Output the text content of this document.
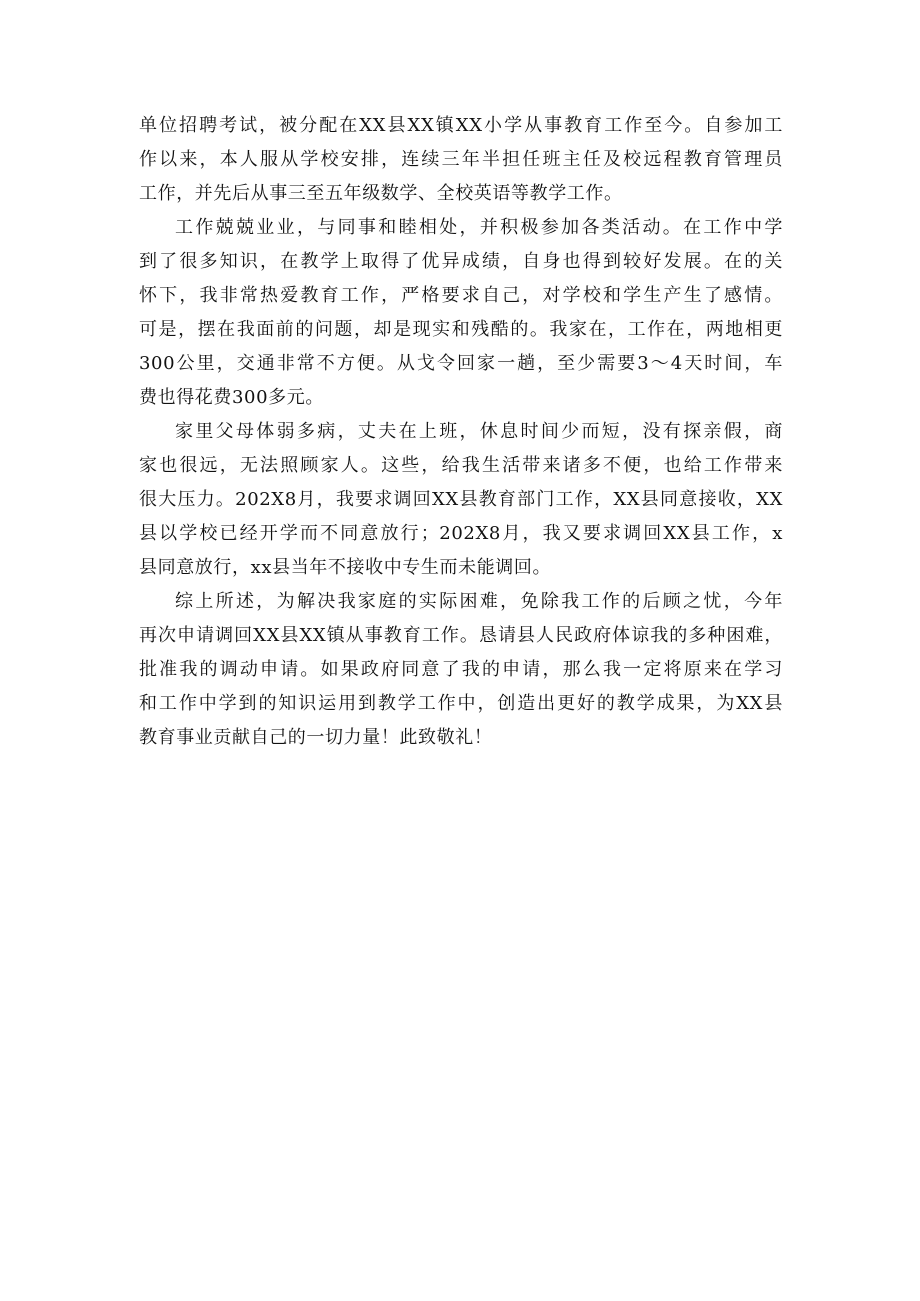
单位招聘考试，被分配在XX县XX镇XX小学从事教育工作至今。自参加工
作以来，本人服从学校安排，连续三年半担任班主任及校远程教育管理员
工作，并先后从事三至五年级数学、全校英语等教学工作。
工作兢兢业业，与同事和睦相处，并积极参加各类活动。在工作中学
到了很多知识，在教学上取得了优异成绩，自身也得到较好发展。在的关
怀下，我非常热爱教育工作，严格要求自己，对学校和学生产生了感情。
可是，摆在我面前的问题，却是现实和残酷的。我家在，工作在，两地相更
300公里，交通非常不方便。从戈令回家一趟，至少需要3～4天时间，车
费也得花费300多元。
家里父母体弱多病，丈夫在上班，休息时间少而短，没有探亲假，商
家也很远，无法照顾家人。这些，给我生活带来诸多不便，也给工作带来
很大压力。202X8月，我要求调回XX县教育部门工作，XX县同意接收，XX
县以学校已经开学而不同意放行；202X8月，我又要求调回XX县工作，x
县同意放行，xx县当年不接收中专生而未能调回。
综上所述，为解决我家庭的实际困难，免除我工作的后顾之忧，今年
再次申请调回XX县XX镇从事教育工作。恳请县人民政府体谅我的多种困难，
批准我的调动申请。如果政府同意了我的申请，那么我一定将原来在学习
和工作中学到的知识运用到教学工作中，创造出更好的教学成果，为XX县
教育事业贡献自己的一切力量！此致敬礼！
